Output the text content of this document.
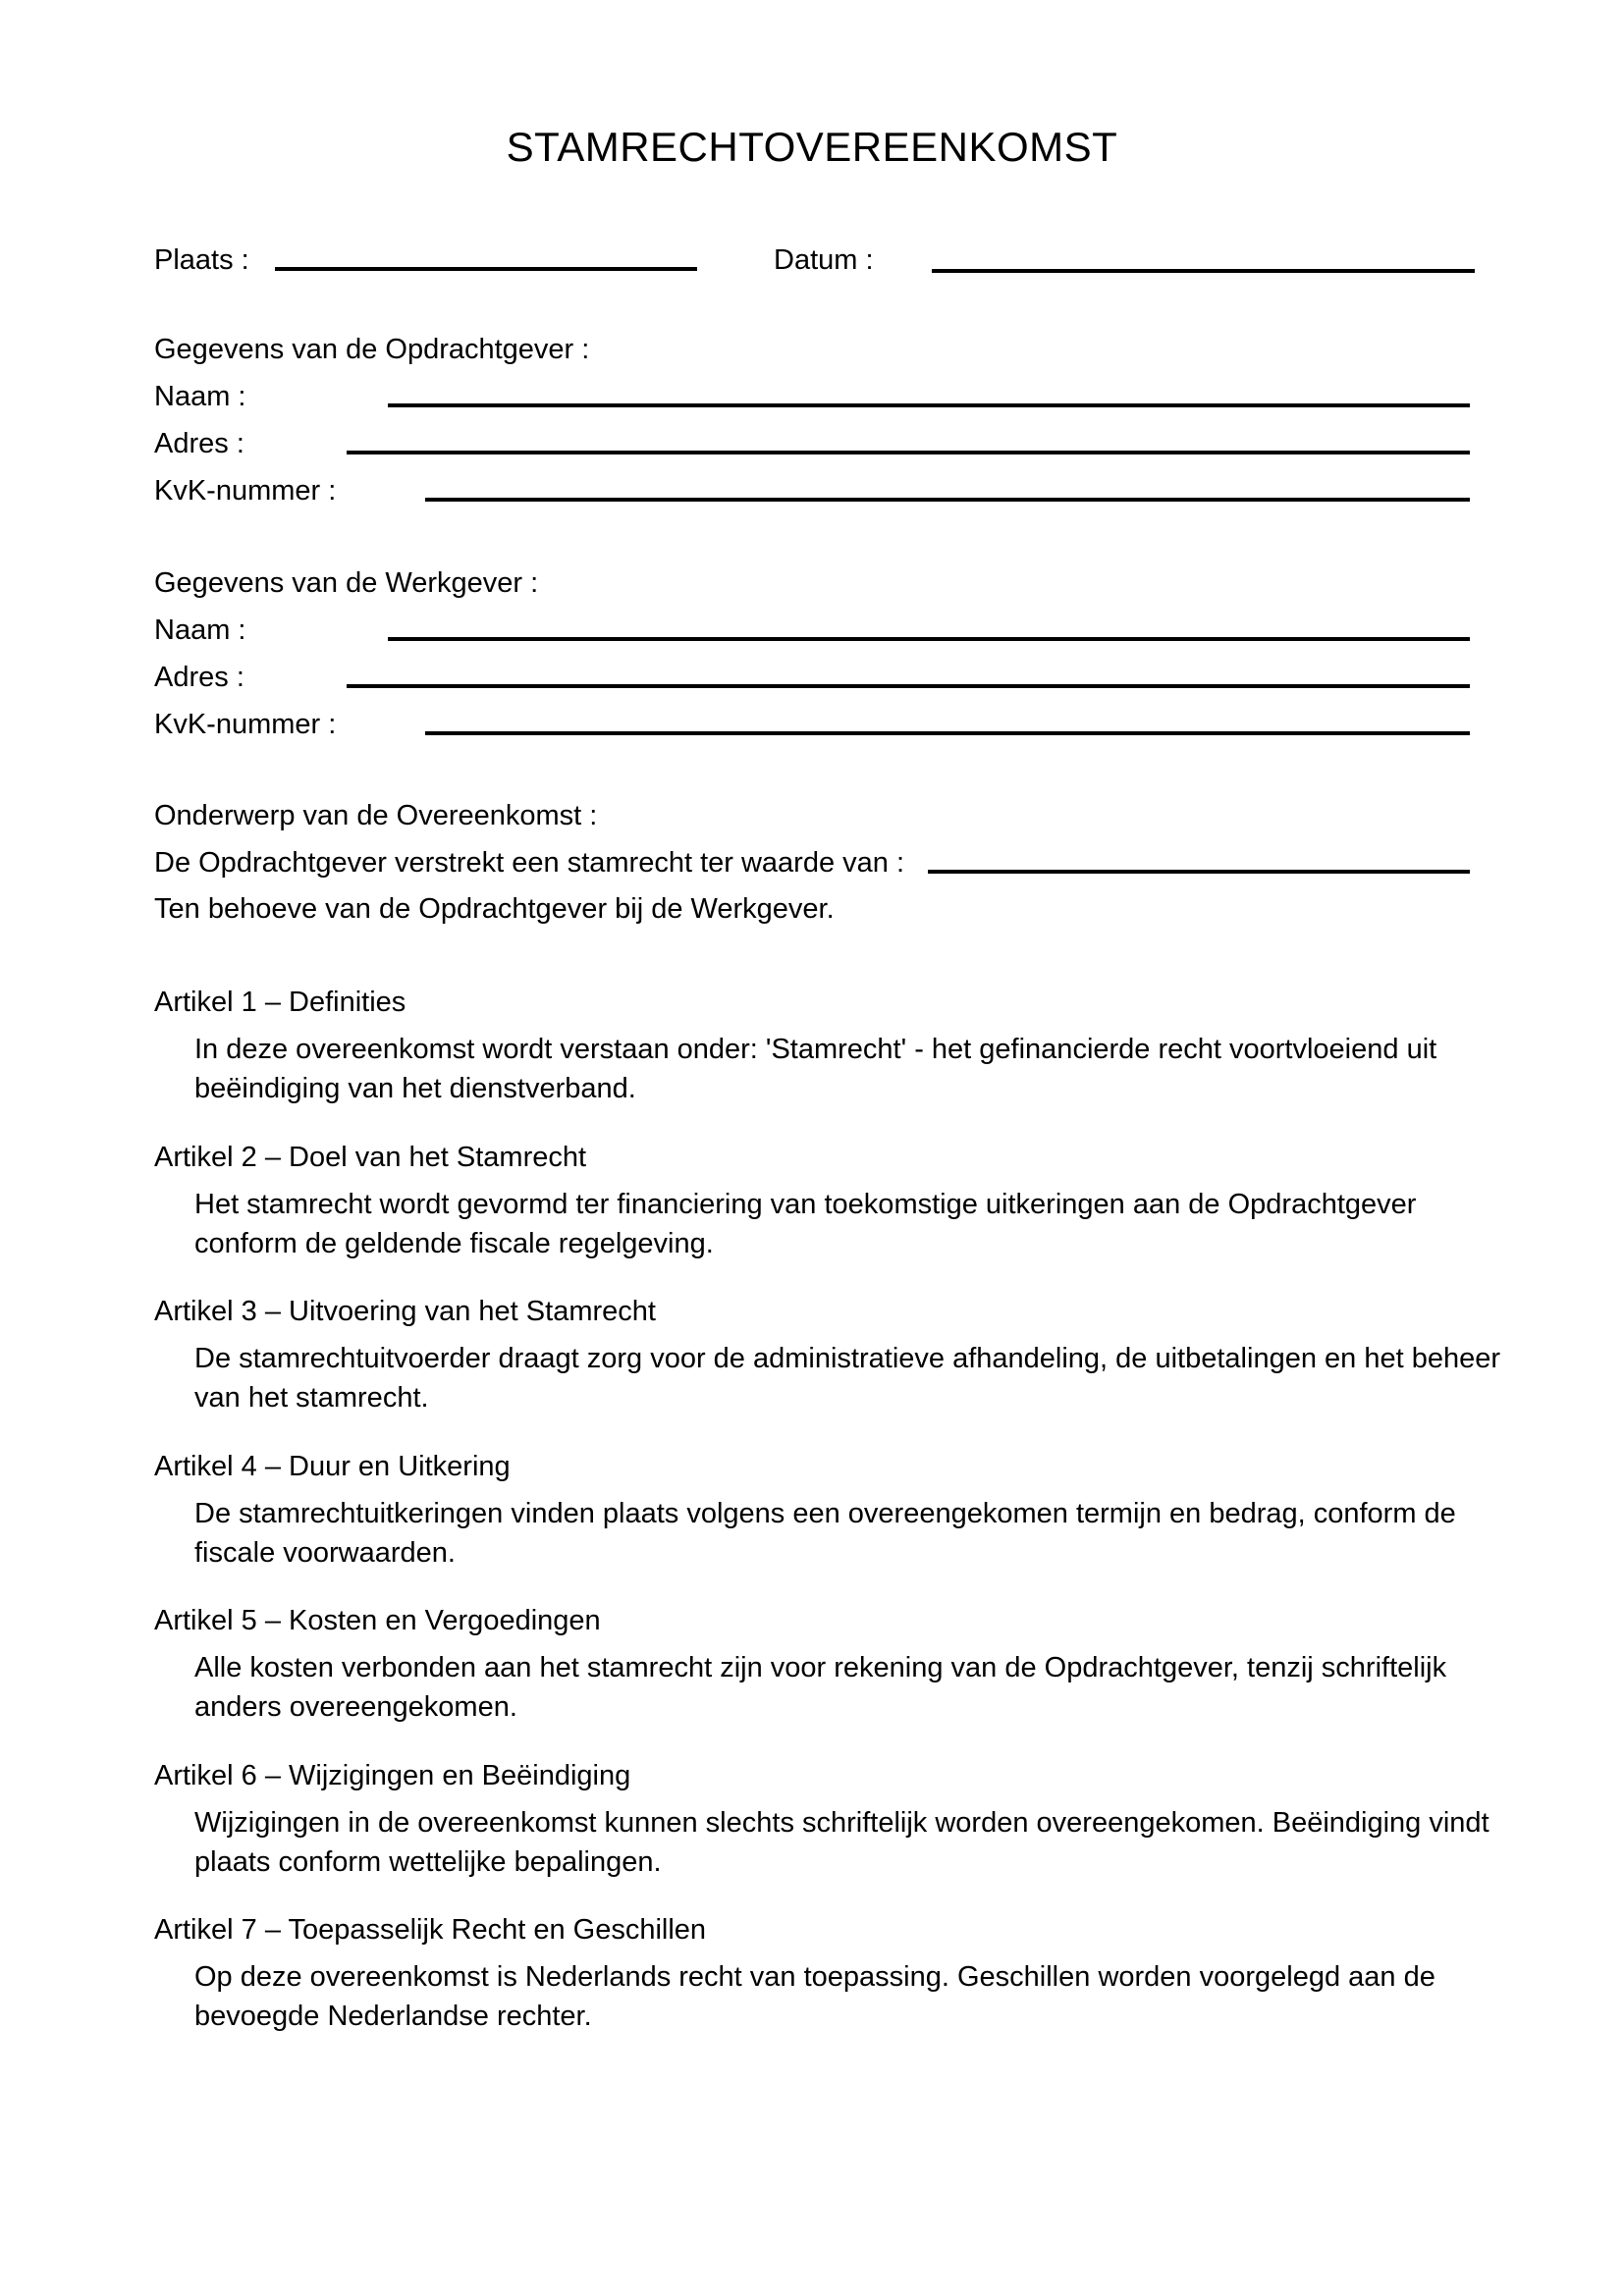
STAMRECHTOVEREENKOMST
Plaats :	Datum :
Gegevens van de Opdrachtgever :
Naam :
Adres :
KvK-nummer :
Gegevens van de Werkgever :
Naam :
Adres :
KvK-nummer :
Onderwerp van de Overeenkomst :
De Opdrachtgever verstrekt een stamrecht ter waarde van :
Ten behoeve van de Opdrachtgever bij de Werkgever.
Artikel 1 – Definities
In deze overeenkomst wordt verstaan onder: 'Stamrecht' - het gefinancierde recht voortvloeiend uit
beëindiging van het dienstverband.
Artikel 2 – Doel van het Stamrecht
Het stamrecht wordt gevormd ter financiering van toekomstige uitkeringen aan de Opdrachtgever
conform de geldende fiscale regelgeving.
Artikel 3 – Uitvoering van het Stamrecht
De stamrechtuitvoerder draagt zorg voor de administratieve afhandeling, de uitbetalingen en het beheer
van het stamrecht.
Artikel 4 – Duur en Uitkering
De stamrechtuitkeringen vinden plaats volgens een overeengekomen termijn en bedrag, conform de
fiscale voorwaarden.
Artikel 5 – Kosten en Vergoedingen
Alle kosten verbonden aan het stamrecht zijn voor rekening van de Opdrachtgever, tenzij schriftelijk
anders overeengekomen.
Artikel 6 – Wijzigingen en Beëindiging
Wijzigingen in de overeenkomst kunnen slechts schriftelijk worden overeengekomen. Beëindiging vindt
plaats conform wettelijke bepalingen.
Artikel 7 – Toepasselijk Recht en Geschillen
Op deze overeenkomst is Nederlands recht van toepassing. Geschillen worden voorgelegd aan de
bevoegde Nederlandse rechter.
